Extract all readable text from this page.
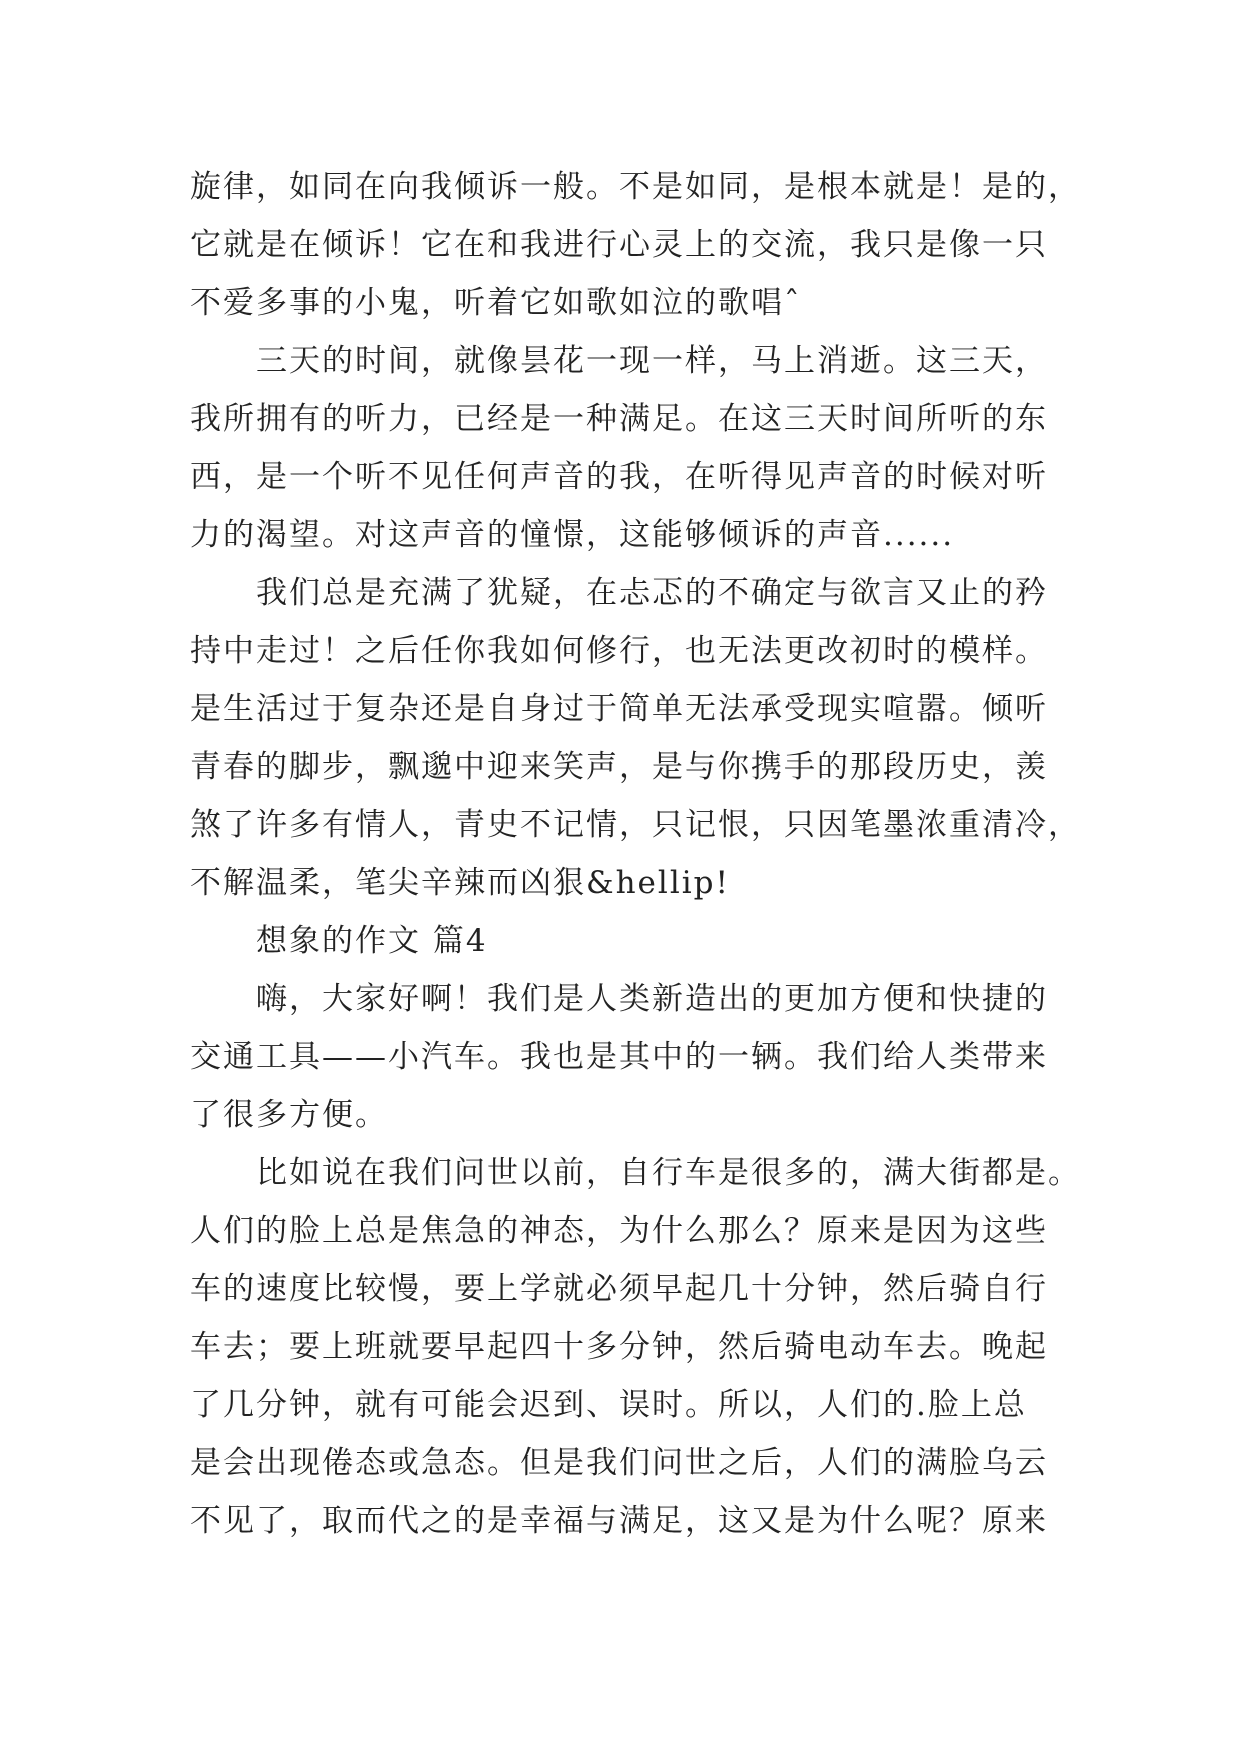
旋律，如同在向我倾诉一般。不是如同，是根本就是！是的，
它就是在倾诉！它在和我进行心灵上的交流，我只是像一只
不爱多事的小鬼，听着它如歌如泣的歌唱ˆ
三天的时间，就像昙花一现一样，马上消逝。这三天，
我所拥有的听力，已经是一种满足。在这三天时间所听的东
西，是一个听不见任何声音的我，在听得见声音的时候对听
力的渴望。对这声音的憧憬，这能够倾诉的声音......
我们总是充满了犹疑，在忐忑的不确定与欲言又止的矜
持中走过！之后任你我如何修行，也无法更改初时的模样。
是生活过于复杂还是自身过于简单无法承受现实喧嚣。倾听
青春的脚步，飘邈中迎来笑声，是与你携手的那段历史，羡
煞了许多有情人，青史不记情，只记恨，只因笔墨浓重清冷，
不解温柔，笔尖辛辣而凶狠&hellip!
想象的作文 篇4
嗨，大家好啊！我们是人类新造出的更加方便和快捷的
交通工具——小汽车。我也是其中的一辆。我们给人类带来
了很多方便。
比如说在我们问世以前，自行车是很多的，满大街都是。
人们的脸上总是焦急的神态，为什么那么？原来是因为这些
车的速度比较慢，要上学就必须早起几十分钟，然后骑自行
车去；要上班就要早起四十多分钟，然后骑电动车去。晚起
了几分钟，就有可能会迟到、误时。所以，人们的.脸上总
是会出现倦态或急态。但是我们问世之后，人们的满脸乌云
不见了，取而代之的是幸福与满足，这又是为什么呢？原来
